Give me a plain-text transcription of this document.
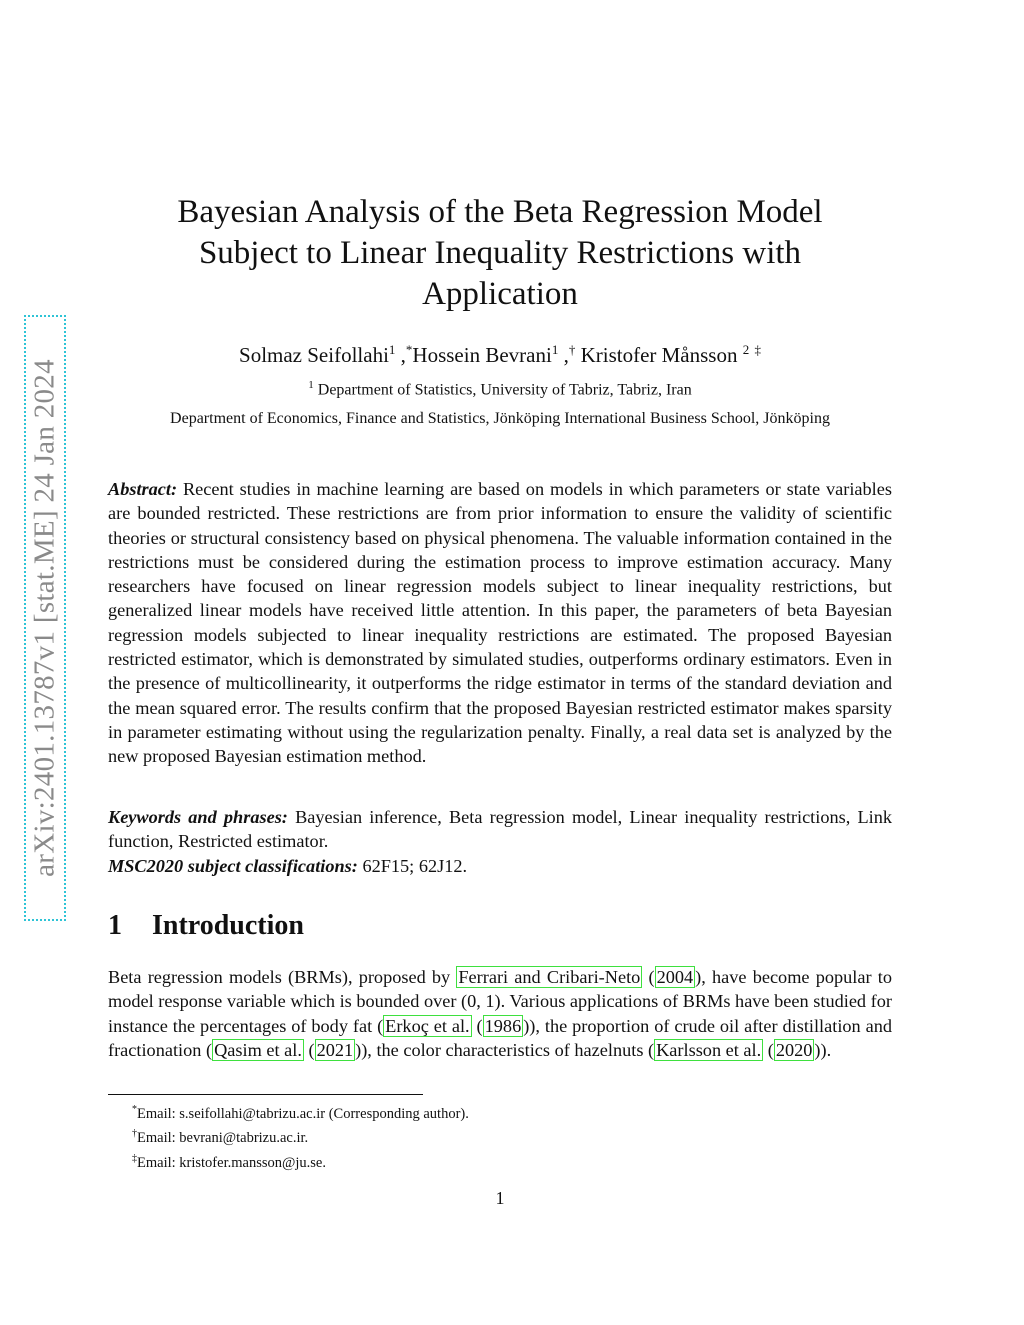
arXiv:2401.13787v1 [stat.ME] 24 Jan 2024
Bayesian Analysis of the Beta Regression Model Subject to Linear Inequality Restrictions with Application
Solmaz Seifollahi$^1$ ,*Hossein Bevrani$^1$ ,† Kristofer Månsson $^2$ ‡
$^1$ Department of Statistics, University of Tabriz, Tabriz, Iran
Department of Economics, Finance and Statistics, Jönköping International Business School, Jönköping

Abstract: Recent studies in machine learning are based on models in which parameters or state variables are bounded restricted. These restrictions are from prior information to ensure the validity of scientific theories or structural consistency based on physical phenomena. The valuable information contained in the restrictions must be considered during the estimation process to improve estimation accuracy. Many researchers have focused on linear regression models subject to linear inequality restrictions, but generalized linear models have received little attention. In this paper, the parameters of beta Bayesian regression models subjected to linear inequality restrictions are estimated. The proposed Bayesian restricted estimator, which is demonstrated by simulated studies, outperforms ordinary estimators. Even in the presence of multicollinearity, it outperforms the ridge estimator in terms of the standard deviation and the mean squared error. The results confirm that the proposed Bayesian restricted estimator makes sparsity in parameter estimating without using the regularization penalty. Finally, a real data set is analyzed by the new proposed Bayesian estimation method.

Keywords and phrases: Bayesian inference, Beta regression model, Linear inequality restrictions, Link function, Restricted estimator.
MSC2020 subject classifications: 62F15; 62J12.

1 Introduction

Beta regression models (BRMs), proposed by Ferrari and Cribari-Neto ( 2004 ), have become popular to model response variable which is bounded over (0, 1). Various applications of BRMs have been studied for instance the percentages of body fat ( Erkoç et al. ( 1986 )), the proportion of crude oil after distillation and fractionation ( Qasim et al. ( 2021 )), the color characteristics of hazelnuts ( Karlsson et al. ( 2020 )).

*Email: s.seifollahi@tabrizu.ac.ir (Corresponding author).
†Email: bevrani@tabrizu.ac.ir.
‡Email: kristofer.mansson@ju.se.
1
